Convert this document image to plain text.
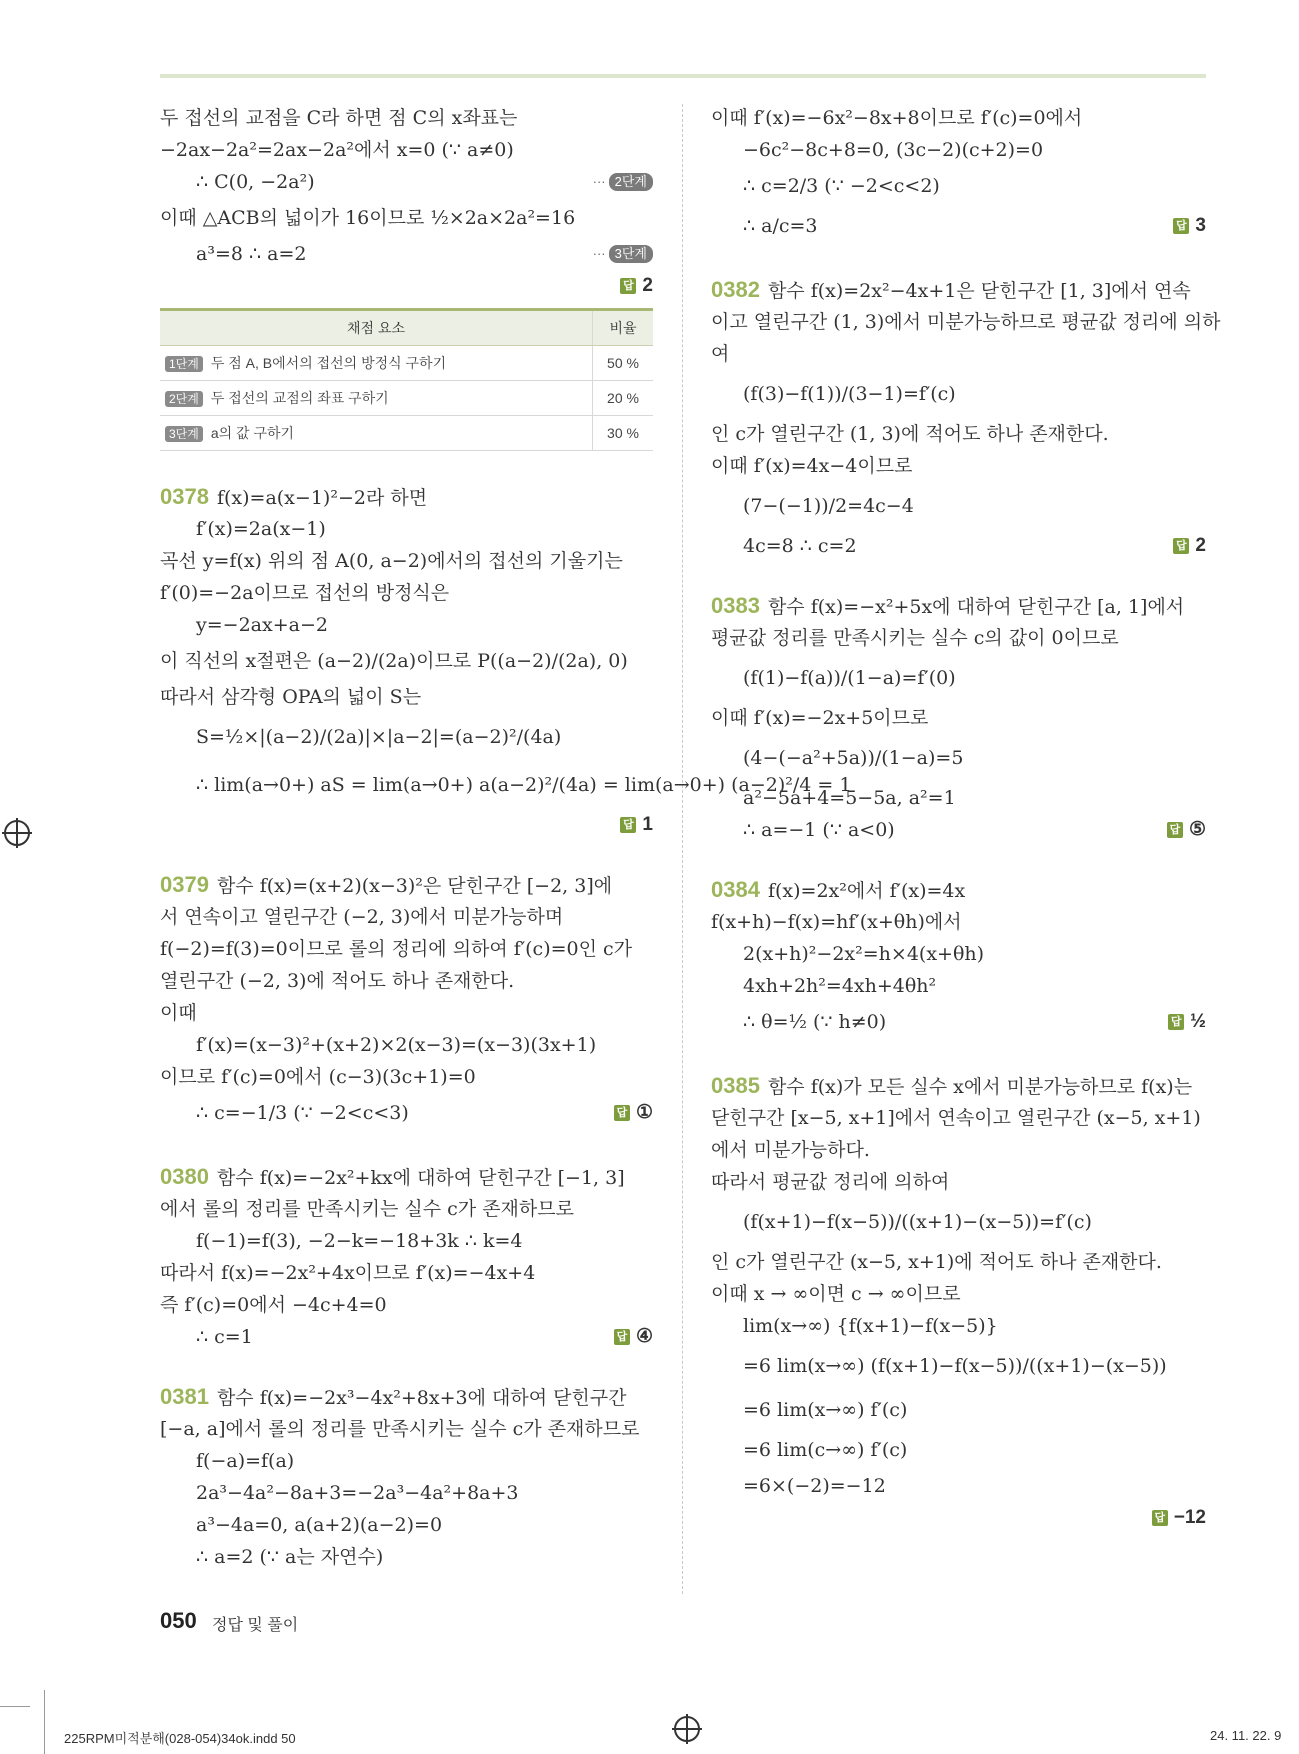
두 접선의 교점을 C라 하면 점 C의 x좌표는
−2ax−2a²=2ax−2a²에서 x=0 (∵ a≠0)
∴ C(0, −2a²)	··· 2단계
이때 △ACB의 넓이가 16이므로 ½×2a×2a²=16
a³=8 ∴ a=2	··· 3단계
답 2
채점 요소	비율
1단계 두 점 A, B에서의 접선의 방정식 구하기	50 %
2단계 두 접선의 교점의 좌표 구하기	20 %
3단계 a의 값 구하기	30 %
0378 f(x)=a(x−1)²−2라 하면
f′(x)=2a(x−1)
곡선 y=f(x) 위의 점 A(0, a−2)에서의 접선의 기울기는
f′(0)=−2a이므로 접선의 방정식은
y=−2ax+a−2
이 직선의 x절편은 (a−2)/(2a)이므로 P((a−2)/(2a), 0)
따라서 삼각형 OPA의 넓이 S는
S=½×|(a−2)/(2a)|×|a−2|=(a−2)²/(4a)
∴ lim(a→0+) aS = lim(a→0+) a(a−2)²/(4a) = lim(a→0+) (a−2)²/4 = 1
답 1
0379 함수 f(x)=(x+2)(x−3)²은 닫힌구간 [−2, 3]에
서 연속이고 열린구간 (−2, 3)에서 미분가능하며
f(−2)=f(3)=0이므로 롤의 정리에 의하여 f′(c)=0인 c가
열린구간 (−2, 3)에 적어도 하나 존재한다.
이때
f′(x)=(x−3)²+(x+2)×2(x−3)=(x−3)(3x+1)
이므로 f′(c)=0에서 (c−3)(3c+1)=0
∴ c=−1/3 (∵ −2<c<3)	답 ①
0380 함수 f(x)=−2x²+kx에 대하여 닫힌구간 [−1, 3]
에서 롤의 정리를 만족시키는 실수 c가 존재하므로
f(−1)=f(3), −2−k=−18+3k ∴ k=4
따라서 f(x)=−2x²+4x이므로 f′(x)=−4x+4
즉 f′(c)=0에서 −4c+4=0
∴ c=1	답 ④
0381 함수 f(x)=−2x³−4x²+8x+3에 대하여 닫힌구간
[−a, a]에서 롤의 정리를 만족시키는 실수 c가 존재하므로
f(−a)=f(a)
2a³−4a²−8a+3=−2a³−4a²+8a+3
a³−4a=0, a(a+2)(a−2)=0
∴ a=2 (∵ a는 자연수)
이때 f′(x)=−6x²−8x+8이므로 f′(c)=0에서
−6c²−8c+8=0, (3c−2)(c+2)=0
∴ c=2/3 (∵ −2<c<2)
∴ a/c=3	답 3
0382 함수 f(x)=2x²−4x+1은 닫힌구간 [1, 3]에서 연속
이고 열린구간 (1, 3)에서 미분가능하므로 평균값 정리에 의하
여
(f(3)−f(1))/(3−1)=f′(c)
인 c가 열린구간 (1, 3)에 적어도 하나 존재한다.
이때 f′(x)=4x−4이므로
(7−(−1))/2=4c−4
4c=8 ∴ c=2	답 2
0383 함수 f(x)=−x²+5x에 대하여 닫힌구간 [a, 1]에서
평균값 정리를 만족시키는 실수 c의 값이 0이므로
(f(1)−f(a))/(1−a)=f′(0)
이때 f′(x)=−2x+5이므로
(4−(−a²+5a))/(1−a)=5
a²−5a+4=5−5a, a²=1
∴ a=−1 (∵ a<0)	답 ⑤
0384 f(x)=2x²에서 f′(x)=4x
f(x+h)−f(x)=hf′(x+θh)에서
2(x+h)²−2x²=h×4(x+θh)
4xh+2h²=4xh+4θh²
∴ θ=½ (∵ h≠0)	답 ½
0385 함수 f(x)가 모든 실수 x에서 미분가능하므로 f(x)는
닫힌구간 [x−5, x+1]에서 연속이고 열린구간 (x−5, x+1)
에서 미분가능하다.
따라서 평균값 정리에 의하여
(f(x+1)−f(x−5))/((x+1)−(x−5))=f′(c)
인 c가 열린구간 (x−5, x+1)에 적어도 하나 존재한다.
이때 x → ∞이면 c → ∞이므로
lim(x→∞) {f(x+1)−f(x−5)}
=6 lim(x→∞) (f(x+1)−f(x−5))/((x+1)−(x−5))
=6 lim(x→∞) f′(c)
=6 lim(c→∞) f′(c)
=6×(−2)=−12
답 −12
050 정답 및 풀이
225RPM미적분해(028-054)34ok.indd 50	24. 11. 22. 9
